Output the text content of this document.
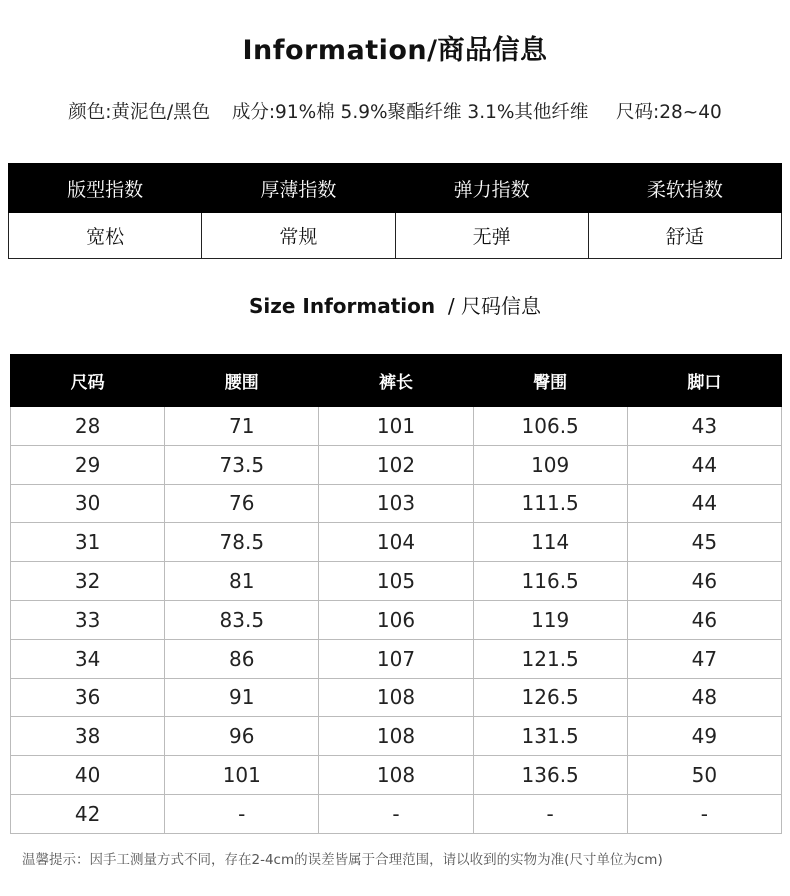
Information/商品信息
颜色:黄泥色/黑色 成分:91%棉 5.9%聚酯纤维 3.1%其他纤维 尺码:28~40
版型指数	厚薄指数	弹力指数	柔软指数
宽松	常规	无弹	舒适
Size Information / 尺码信息
尺码	腰围	裤长	臀围	脚口
28	71	101	106.5	43
29	73.5	102	109	44
30	76	103	111.5	44
31	78.5	104	114	45
32	81	105	116.5	46
33	83.5	106	119	46
34	86	107	121.5	47
36	91	108	126.5	48
38	96	108	131.5	49
40	101	108	136.5	50
42	-	-	-	-
温馨提示：因手工测量方式不同，存在2-4cm的误差皆属于合理范围，请以收到的实物为准(尺寸单位为cm)
